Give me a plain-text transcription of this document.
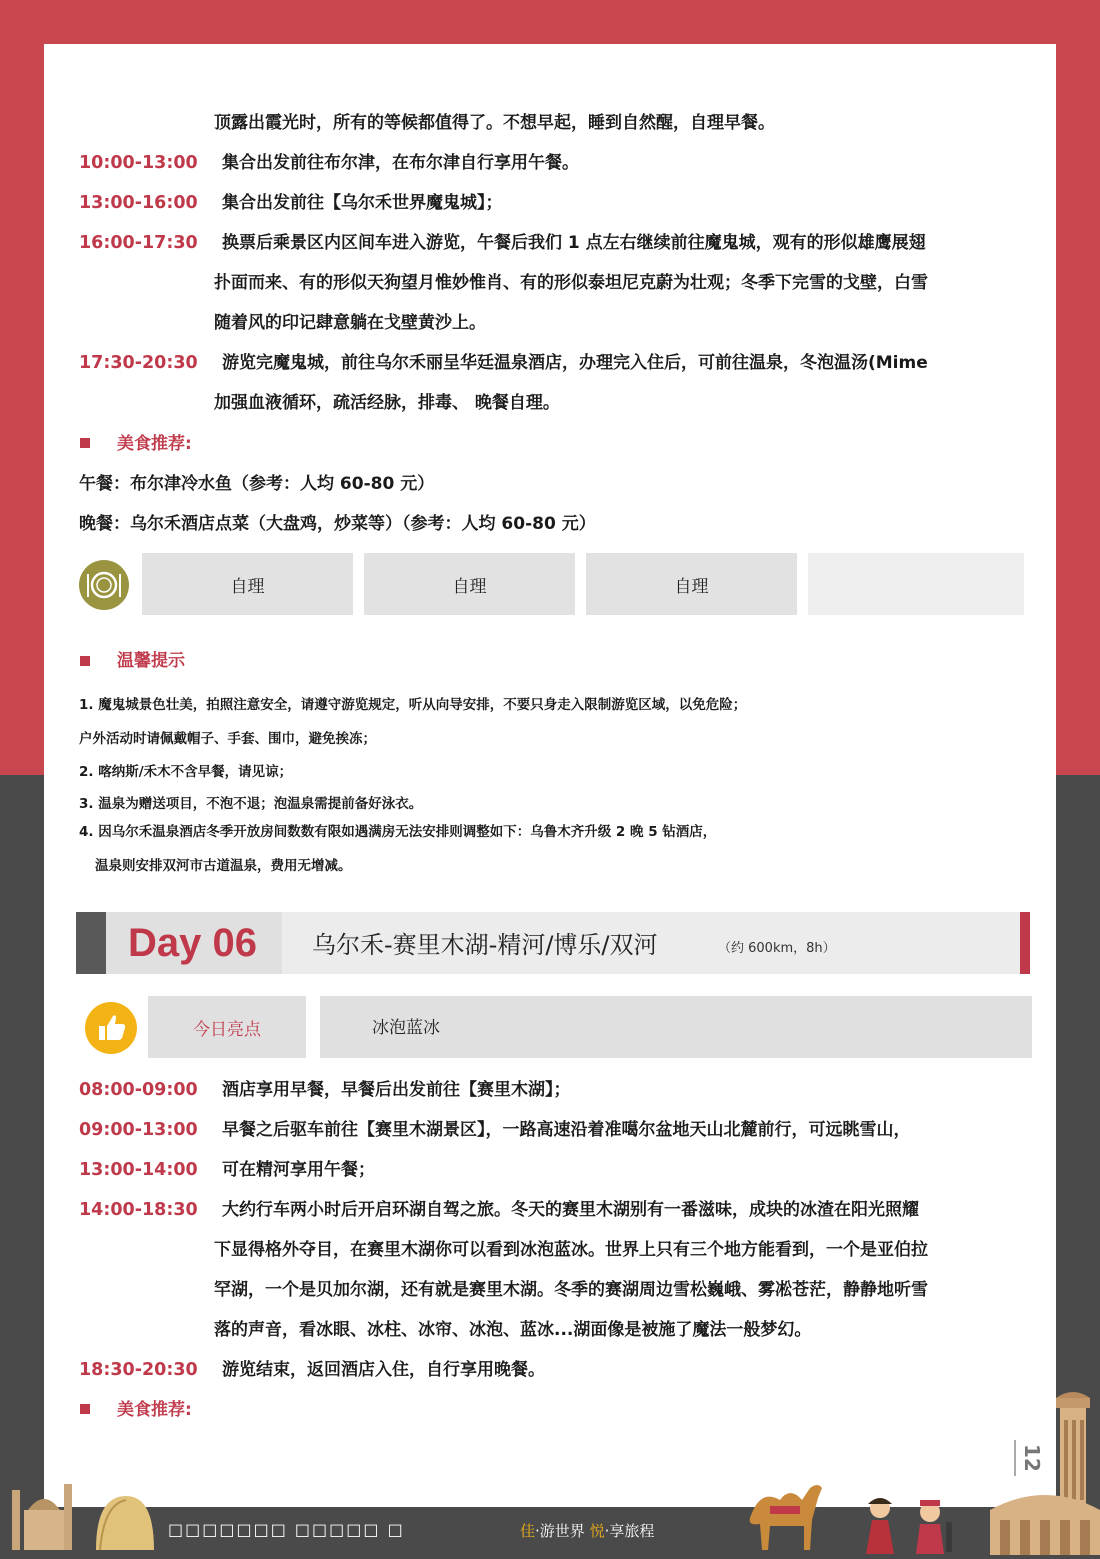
顶露出霞光时，所有的等候都值得了。不想早起，睡到自然醒，自理早餐。
10:00-13:00 集合出发前往布尔津，在布尔津自行享用午餐。
13:00-16:00 集合出发前往【乌尔禾世界魔鬼城】；
16:00-17:30 换票后乘景区内区间车进入游览，午餐后我们 1 点左右继续前往魔鬼城，观有的形似雄鹰展翅
扑面而来、有的形似天狗望月惟妙惟肖、有的形似泰坦尼克蔚为壮观；冬季下完雪的戈壁，白雪
随着风的印记肆意躺在戈壁黄沙上。
17:30-20:30 游览完魔鬼城，前往乌尔禾丽呈华廷温泉酒店，办理完入住后，可前往温泉，冬泡温汤(Mime
加强血液循环，疏活经脉，排毒、 晚餐自理。
美食推荐:
午餐：布尔津冷水鱼（参考：人均 60-80 元）
晚餐：乌尔禾酒店点菜（大盘鸡，炒菜等）（参考：人均 60-80 元）
自理	自理	自理
温馨提示
1. 魔鬼城景色壮美，拍照注意安全，请遵守游览规定，听从向导安排，不要只身走入限制游览区域，以免危险；
户外活动时请佩戴帽子、手套、围巾，避免挨冻；
2. 喀纳斯/禾木不含早餐，请见谅；
3. 温泉为赠送项目，不泡不退；泡温泉需提前备好泳衣。
4. 因乌尔禾温泉酒店冬季开放房间数数有限如遇满房无法安排则调整如下：乌鲁木齐升级 2 晚 5 钻酒店，
温泉则安排双河市古道温泉，费用无增减。
Day 06 乌尔禾-赛里木湖-精河/博乐/双河	（约 600km，8h）
今日亮点	冰泡蓝冰
08:00-09:00 酒店享用早餐，早餐后出发前往【赛里木湖】；
09:00-13:00 早餐之后驱车前往【赛里木湖景区】，一路高速沿着准噶尔盆地天山北麓前行，可远眺雪山，
13:00-14:00 可在精河享用午餐；
14:00-18:30 大约行车两小时后开启环湖自驾之旅。冬天的赛里木湖别有一番滋味，成块的冰渣在阳光照耀
下显得格外夺目，在赛里木湖你可以看到冰泡蓝冰。世界上只有三个地方能看到，一个是亚伯拉
罕湖，一个是贝加尔湖，还有就是赛里木湖。冬季的赛湖周边雪松巍峨、雾凇苍茫，静静地听雪
落的声音，看冰眼、冰柱、冰帘、冰泡、蓝冰...湖面像是被施了魔法一般梦幻。
18:30-20:30 游览结束，返回酒店入住，自行享用晚餐。
美食推荐:
12
□□□□□□□ □□□□□ □	佳·游世界 悦·享旅程
